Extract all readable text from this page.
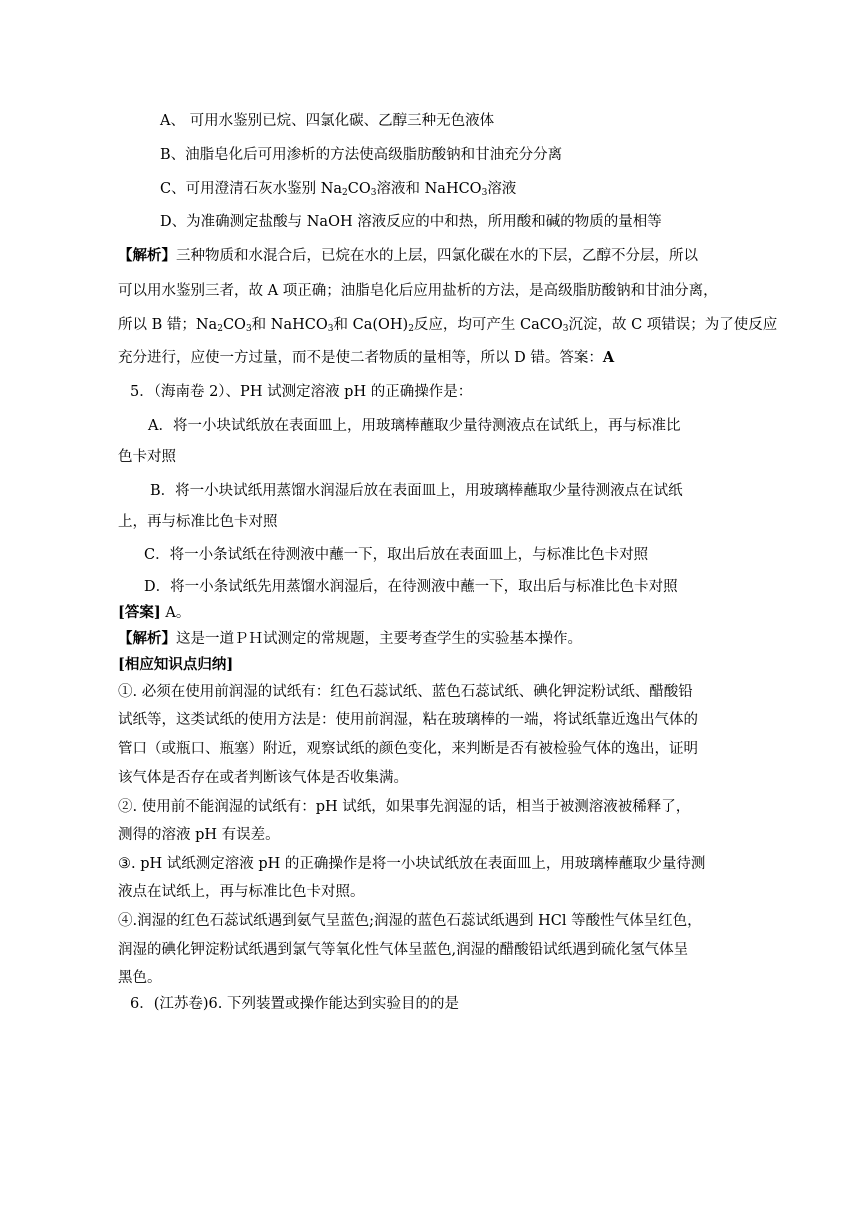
A、 可用水鉴别已烷、四氯化碳、乙醇三种无色液体
B、油脂皂化后可用渗析的方法使高级脂肪酸钠和甘油充分分离
C、可用澄清石灰水鉴别 $Na_2CO_3$溶液和 NaHCO$_3$溶液
D、为准确测定盐酸与 NaOH 溶液反应的中和热，所用酸和碱的物质的量相等
【解析】三种物质和水混合后，已烷在水的上层，四氯化碳在水的下层，乙醇不分层，所以
可以用水鉴别三者，故 A 项正确；油脂皂化后应用盐析的方法，是高级脂肪酸钠和甘油分离，
所以 B 错；$Na_2CO_3$和 NaHCO$_3$和 $Ca(OH)_2$反应，均可产生 CaCO$_3$沉淀，故 C 项错误；为了使反应
充分进行，应使一方过量，而不是使二者物质的量相等，所以 D 错。答案：A
5．（海南卷 2）、PH 试测定溶液 pH 的正确操作是：
A．将一小块试纸放在表面皿上，用玻璃棒蘸取少量待测液点在试纸上，再与标准比
色卡对照
B．将一小块试纸用蒸馏水润湿后放在表面皿上，用玻璃棒蘸取少量待测液点在试纸
上，再与标准比色卡对照
C．将一小条试纸在待测液中蘸一下，取出后放在表面皿上，与标准比色卡对照
D．将一小条试纸先用蒸馏水润湿后，在待测液中蘸一下，取出后与标准比色卡对照
[答案] A。
【解析】这是一道ＰＨ试测定的常规题，主要考查学生的实验基本操作。
[相应知识点归纳]
①. 必须在使用前润湿的试纸有：红色石蕊试纸、蓝色石蕊试纸、碘化钾淀粉试纸、醋酸铅
试纸等，这类试纸的使用方法是：使用前润湿，粘在玻璃棒的一端，将试纸靠近逸出气体的
管口（或瓶口、瓶塞）附近，观察试纸的颜色变化，来判断是否有被检验气体的逸出，证明
该气体是否存在或者判断该气体是否收集满。
②. 使用前不能润湿的试纸有：pH 试纸，如果事先润湿的话，相当于被测溶液被稀释了，
测得的溶液 pH 有误差。
③. pH 试纸测定溶液 pH 的正确操作是将一小块试纸放在表面皿上，用玻璃棒蘸取少量待测
液点在试纸上，再与标准比色卡对照。
④.润湿的红色石蕊试纸遇到氨气呈蓝色;润湿的蓝色石蕊试纸遇到 HCl 等酸性气体呈红色，
润湿的碘化钾淀粉试纸遇到氯气等氧化性气体呈蓝色,润湿的醋酸铅试纸遇到硫化氢气体呈
黑色。
6．(江苏卷)6. 下列装置或操作能达到实验目的的是
